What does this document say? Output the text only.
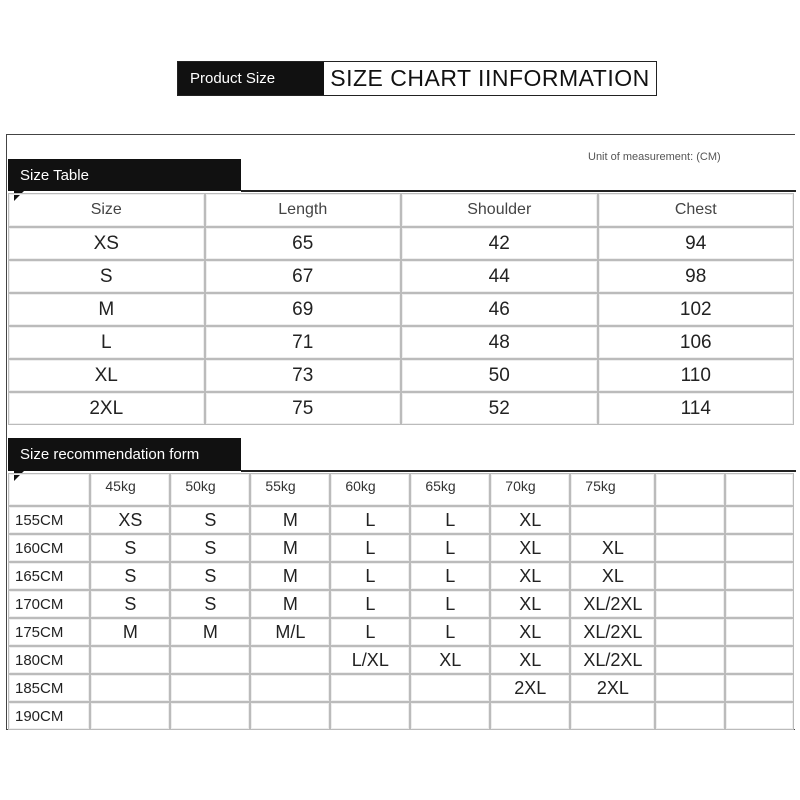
Product Size	SIZE CHART IINFORMATION
Size Table
Unit of measurement: (CM)
Size	Length	Shoulder	Chest
XS	65	42	94
S	67	44	98
M	69	46	102
L	71	48	106
XL	73	50	110
2XL	75	52	114
Size recommendation form
	45kg	50kg	55kg	60kg	65kg	70kg	75kg		
155CM	XS	S	M	L	L	XL			
160CM	S	S	M	L	L	XL	XL		
165CM	S	S	M	L	L	XL	XL		
170CM	S	S	M	L	L	XL	XL/2XL		
175CM	M	M	M/L	L	L	XL	XL/2XL		
180CM				L/XL	XL	XL	XL/2XL		
185CM						2XL	2XL		
190CM									
